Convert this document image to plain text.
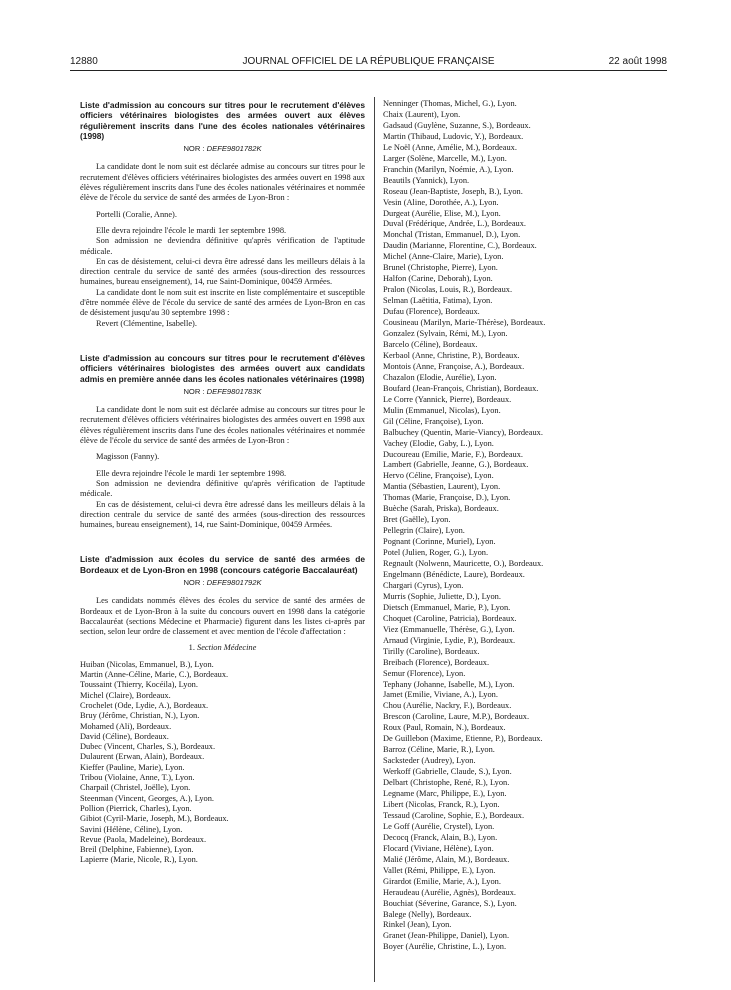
12880	JOURNAL OFFICIEL DE LA RÉPUBLIQUE FRANÇAISE	22 août 1998

Liste d'admission au concours sur titres pour le recrutement d'élèves officiers vétérinaires biologistes des armées ouvert aux élèves régulièrement inscrits dans l'une des écoles nationales vétérinaires (1998)

NOR : DEFE9801782K

La candidate dont le nom suit est déclarée admise au concours sur titres pour le recrutement d'élèves officiers vétérinaires biologistes des armées ouvert en 1998 aux élèves régulièrement inscrits dans l'une des écoles nationales vétérinaires et nommée élève de l'école du service de santé des armées de Lyon-Bron :

Portelli (Coralie, Anne).

Elle devra rejoindre l'école le mardi 1er septembre 1998.

Son admission ne deviendra définitive qu'après vérification de l'aptitude médicale.

En cas de désistement, celui-ci devra être adressé dans les meilleurs délais à la direction centrale du service de santé des armées (sous-direction des ressources humaines, bureau enseignement), 14, rue Saint-Dominique, 00459 Armées.

La candidate dont le nom suit est inscrite en liste complémentaire et susceptible d'être nommée élève de l'école du service de santé des armées de Lyon-Bron en cas de désistement jusqu'au 30 septembre 1998 :

Revert (Clémentine, Isabelle).

Liste d'admission au concours sur titres pour le recrutement d'élèves officiers vétérinaires biologistes des armées ouvert aux candidats admis en première année dans les écoles nationales vétérinaires (1998)

NOR : DEFE9801783K

La candidate dont le nom suit est déclarée admise au concours sur titres pour le recrutement d'élèves officiers vétérinaires biologistes des armées ouvert en 1998 aux élèves régulièrement inscrits dans l'une des écoles nationales vétérinaires et nommée élève de l'école du service de santé des armées de Lyon-Bron :

Magisson (Fanny).

Elle devra rejoindre l'école le mardi 1er septembre 1998.

Son admission ne deviendra définitive qu'après vérification de l'aptitude médicale.

En cas de désistement, celui-ci devra être adressé dans les meilleurs délais à la direction centrale du service de santé des armées (sous-direction des ressources humaines, bureau enseignement), 14, rue Saint-Dominique, 00459 Armées.

Liste d'admission aux écoles du service de santé des armées de Bordeaux et de Lyon-Bron en 1998 (concours catégorie Baccalauréat)

NOR : DEFE9801792K

Les candidats nommés élèves des écoles du service de santé des armées de Bordeaux et de Lyon-Bron à la suite du concours ouvert en 1998 dans la catégorie Baccalauréat (sections Médecine et Pharmacie) figurent dans les listes ci-après par section, selon leur ordre de classement et avec mention de l'école d'affectation :

1. Section Médecine

Huiban (Nicolas, Emmanuel, B.), Lyon.

Martin (Anne-Céline, Marie, C.), Bordeaux.

Toussaint (Thierry, Kocéila), Lyon.

Michel (Claire), Bordeaux.

Crochelet (Ode, Lydie, A.), Bordeaux.

Bruy (Jérôme, Christian, N.), Lyon.

Mohamed (Ali), Bordeaux.

David (Céline), Bordeaux.

Dubec (Vincent, Charles, S.), Bordeaux.

Dulaurent (Erwan, Alain), Bordeaux.

Kieffer (Pauline, Marie), Lyon.

Tribou (Violaine, Anne, T.), Lyon.

Charpail (Christel, Joëlle), Lyon.

Steenman (Vincent, Georges, A.), Lyon.

Pollion (Pierrick, Charles), Lyon.

Gibiot (Cyril-Marie, Joseph, M.), Bordeaux.

Savini (Hélène, Céline), Lyon.

Revue (Paola, Madeleine), Bordeaux.

Breil (Delphine, Fabienne), Lyon.

Lapierre (Marie, Nicole, R.), Lyon.

Nenninger (Thomas, Michel, G.), Lyon.

Chaix (Laurent), Lyon.

Gadsaud (Guylène, Suzanne, S.), Bordeaux.

Martin (Thibaud, Ludovic, Y.), Bordeaux.

Le Noël (Anne, Amélie, M.), Bordeaux.

Larger (Solène, Marcelle, M.), Lyon.

Franchin (Marilyn, Noémie, A.), Lyon.

Beautils (Yannick), Lyon.

Roseau (Jean-Baptiste, Joseph, B.), Lyon.

Vesin (Aline, Dorothée, A.), Lyon.

Durgeat (Aurélie, Elise, M.), Lyon.

Duval (Frédérique, Andrée, L.), Bordeaux.

Monchal (Tristan, Emmanuel, D.), Lyon.

Daudin (Marianne, Florentine, C.), Bordeaux.

Michel (Anne-Claire, Marie), Lyon.

Brunel (Christophe, Pierre), Lyon.

Halfon (Carine, Deborah), Lyon.

Pralon (Nicolas, Louis, R.), Bordeaux.

Selman (Laëtitia, Fatima), Lyon.

Dufau (Florence), Bordeaux.

Cousineau (Marilyn, Marie-Thérèse), Bordeaux.

Gonzalez (Sylvain, Rémi, M.), Lyon.

Barcelo (Céline), Bordeaux.

Kerbaol (Anne, Christine, P.), Bordeaux.

Montois (Anne, Françoise, A.), Bordeaux.

Chazalon (Elodie, Aurélie), Lyon.

Boufard (Jean-François, Christian), Bordeaux.

Le Corre (Yannick, Pierre), Bordeaux.

Mulin (Emmanuel, Nicolas), Lyon.

Gil (Céline, Françoise), Lyon.

Balbuchey (Quentin, Marie-Viancy), Bordeaux.

Vachey (Elodie, Gaby, L.), Lyon.

Ducoureau (Emilie, Marie, F.), Bordeaux.

Lambert (Gabrielle, Jeanne, G.), Bordeaux.

Hervo (Céline, Françoise), Lyon.

Mantia (Sébastien, Laurent), Lyon.

Thomas (Marie, Françoise, D.), Lyon.

Buèche (Sarah, Priska), Bordeaux.

Bret (Gaëlle), Lyon.

Pellegrin (Claire), Lyon.

Pognant (Corinne, Muriel), Lyon.

Potel (Julien, Roger, G.), Lyon.

Regnault (Nolwenn, Mauricette, O.), Bordeaux.

Engelmann (Bénédicte, Laure), Bordeaux.

Chargari (Cyrus), Lyon.

Murris (Sophie, Juliette, D.), Lyon.

Dietsch (Emmanuel, Marie, P.), Lyon.

Choquet (Caroline, Patricia), Bordeaux.

Viez (Emmanuelle, Thérèse, G.), Lyon.

Arnaud (Virginie, Lydie, P.), Bordeaux.

Tirilly (Caroline), Bordeaux.

Breibach (Florence), Bordeaux.

Semur (Florence), Lyon.

Tephany (Johanne, Isabelle, M.), Lyon.

Jamet (Emilie, Viviane, A.), Lyon.

Chou (Aurélie, Nackry, F.), Bordeaux.

Brescon (Caroline, Laure, M.P.), Bordeaux.

Roux (Paul, Romain, N.), Bordeaux.

De Guillebon (Maxime, Etienne, P.), Bordeaux.

Barroz (Céline, Marie, R.), Lyon.

Sacksteder (Audrey), Lyon.

Werkoff (Gabrielle, Claude, S.), Lyon.

Delbart (Christophe, René, R.), Lyon.

Legname (Marc, Philippe, E.), Lyon.

Libert (Nicolas, Franck, R.), Lyon.

Tessaud (Caroline, Sophie, E.), Bordeaux.

Le Goff (Aurélie, Crystel), Lyon.

Decocq (Franck, Alain, B.), Lyon.

Flocard (Viviane, Hélène), Lyon.

Malié (Jérôme, Alain, M.), Bordeaux.

Vallet (Rémi, Philippe, E.), Lyon.

Girardot (Emilie, Marie, A.), Lyon.

Heraudeau (Aurélie, Agnès), Bordeaux.

Bouchiat (Séverine, Garance, S.), Lyon.

Balege (Nelly), Bordeaux.

Rinkel (Jean), Lyon.

Granet (Jean-Philippe, Daniel), Lyon.

Boyer (Aurélie, Christine, L.), Lyon.
